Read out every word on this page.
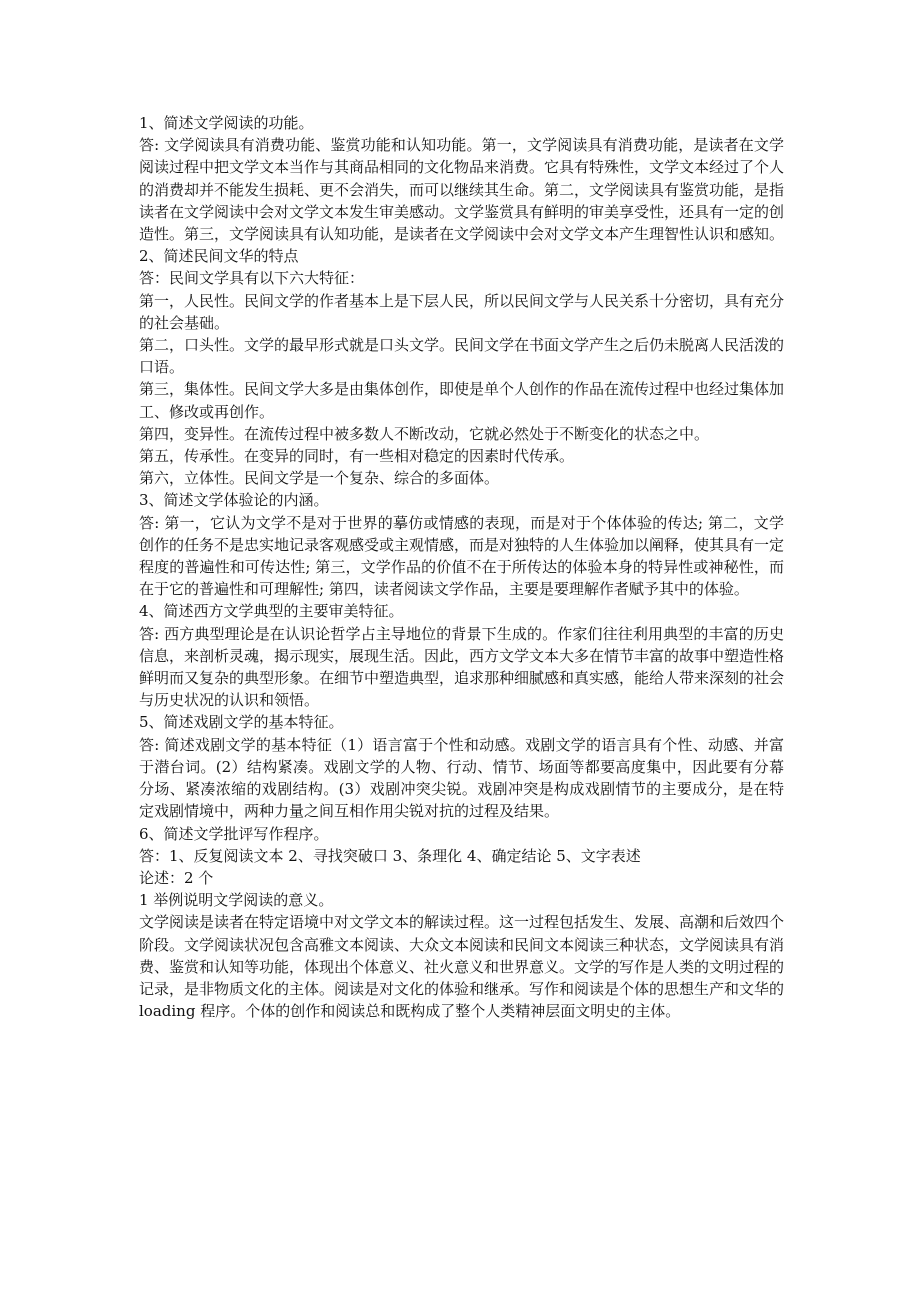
1、简述文学阅读的功能。

答: 文学阅读具有消费功能、鉴赏功能和认知功能。第一，文学阅读具有消费功能，是读者在文学阅读过程中把文学文本当作与其商品相同的文化物品来消费。它具有特殊性，文学文本经过了个人的消费却并不能发生损耗、更不会消失，而可以继续其生命。第二，文学阅读具有鉴赏功能，是指读者在文学阅读中会对文学文本发生审美感动。文学鉴赏具有鲜明的审美享受性，还具有一定的创造性。第三，文学阅读具有认知功能，是读者在文学阅读中会对文学文本产生理智性认识和感知。

2、简述民间文华的特点

答：民间文学具有以下六大特征：

第一，人民性。民间文学的作者基本上是下层人民，所以民间文学与人民关系十分密切，具有充分的社会基础。

第二，口头性。文学的最早形式就是口头文学。民间文学在书面文学产生之后仍未脱离人民活泼的口语。

第三，集体性。民间文学大多是由集体创作，即使是单个人创作的作品在流传过程中也经过集体加工、修改或再创作。

第四，变异性。在流传过程中被多数人不断改动，它就必然处于不断变化的状态之中。

第五，传承性。在变异的同时，有一些相对稳定的因素时代传承。

第六，立体性。民间文学是一个复杂、综合的多面体。

3、简述文学体验论的内涵。

答: 第一，它认为文学不是对于世界的摹仿或情感的表现，而是对于个体体验的传达; 第二，文学创作的任务不是忠实地记录客观感受或主观情感，而是对独特的人生体验加以阐释，使其具有一定程度的普遍性和可传达性; 第三，文学作品的价值不在于所传达的体验本身的特异性或神秘性，而在于它的普遍性和可理解性; 第四，读者阅读文学作品，主要是要理解作者赋予其中的体验。

4、简述西方文学典型的主要审美特征。

答: 西方典型理论是在认识论哲学占主导地位的背景下生成的。作家们往往利用典型的丰富的历史信息，来剖析灵魂，揭示现实，展现生活。因此，西方文学文本大多在情节丰富的故事中塑造性格鲜明而又复杂的典型形象。在细节中塑造典型，追求那种细腻感和真实感，能给人带来深刻的社会与历史状况的认识和领悟。

5、简述戏剧文学的基本特征。

答: 简述戏剧文学的基本特征（1）语言富于个性和动感。戏剧文学的语言具有个性、动感、并富于潜台词。(2）结构紧凑。戏剧文学的人物、行动、情节、场面等都要高度集中，因此要有分幕分场、紧凑浓缩的戏剧结构。(3）戏剧冲突尖锐。戏剧冲突是构成戏剧情节的主要成分，是在特定戏剧情境中，两种力量之间互相作用尖锐对抗的过程及结果。

6、简述文学批评写作程序。

答：1、反复阅读文本 2、寻找突破口 3、条理化 4、确定结论 5、文字表述

论述：2 个

1 举例说明文学阅读的意义。

文学阅读是读者在特定语境中对文学文本的解读过程。这一过程包括发生、发展、高潮和后效四个阶段。文学阅读状况包含高雅文本阅读、大众文本阅读和民间文本阅读三种状态，文学阅读具有消费、鉴赏和认知等功能，体现出个体意义、社火意义和世界意义。文学的写作是人类的文明过程的记录，是非物质文化的主体。阅读是对文化的体验和继承。写作和阅读是个体的思想生产和文华的 loading 程序。个体的创作和阅读总和既构成了整个人类精神层面文明史的主体。
